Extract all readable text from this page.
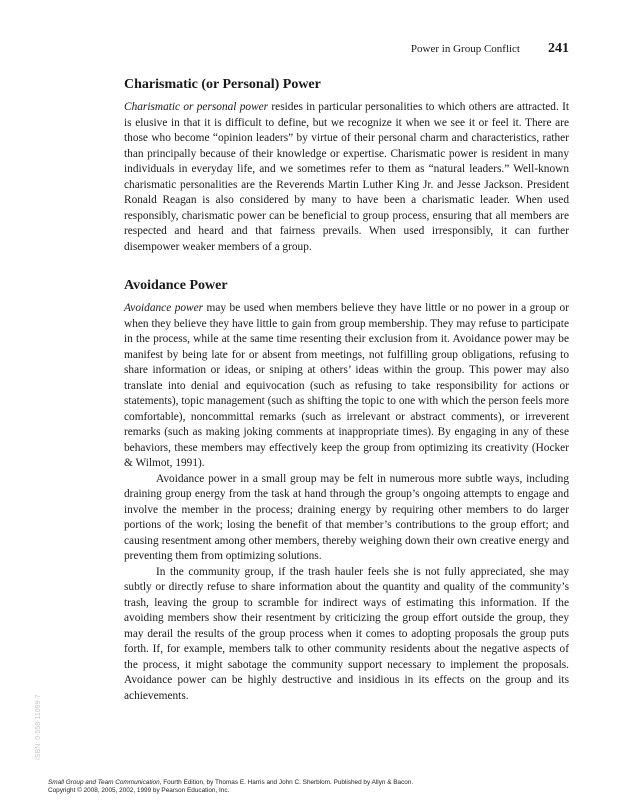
Power in Group Conflict 241
Charismatic (or Personal) Power

Charismatic or personal power resides in particular personalities to which others are attracted. It is elusive in that it is difficult to define, but we recognize it when we see it or feel it. There are those who become “opinion leaders” by virtue of their personal charm and characteristics, rather than principally because of their knowledge or expertise. Charismatic power is resident in many individuals in everyday life, and we sometimes refer to them as “natural leaders.” Well-known charismatic personalities are the Reverends Martin Luther King Jr. and Jesse Jackson. President Ronald Reagan is also considered by many to have been a charismatic leader. When used responsibly, charismatic power can be beneficial to group process, ensuring that all members are respected and heard and that fairness prevails. When used irresponsibly, it can further disempower weaker members of a group.

Avoidance Power

Avoidance power may be used when members believe they have little or no power in a group or when they believe they have little to gain from group membership. They may refuse to participate in the process, while at the same time resenting their exclusion from it. Avoidance power may be manifest by being late for or absent from meetings, not fulfilling group obligations, refusing to share information or ideas, or sniping at others’ ideas within the group. This power may also translate into denial and equivocation (such as refusing to take responsibility for actions or statements), topic management (such as shifting the topic to one with which the person feels more comfortable), noncommittal remarks (such as irrelevant or abstract comments), or irreverent remarks (such as making joking comments at inappropriate times). By engaging in any of these behaviors, these members may effectively keep the group from optimizing its creativity (Hocker & Wilmot, 1991).

Avoidance power in a small group may be felt in numerous more subtle ways, including draining group energy from the task at hand through the group’s ongoing attempts to engage and involve the member in the process; draining energy by requiring other members to do larger portions of the work; losing the benefit of that member’s contributions to the group effort; and causing resentment among other members, thereby weighing down their own creative energy and preventing them from optimizing solutions.

In the community group, if the trash hauler feels she is not fully appreciated, she may subtly or directly refuse to share information about the quantity and quality of the community’s trash, leaving the group to scramble for indirect ways of estimating this information. If the avoiding members show their resentment by criticizing the group effort outside the group, they may derail the results of the group process when it comes to adopting proposals the group puts forth. If, for example, members talk to other community residents about the negative aspects of the process, it might sabotage the community support necessary to implement the proposals. Avoidance power can be highly destructive and insidious in its effects on the group and its achievements.

ISBN: 0-558-11099-7
Small Group and Team Communication, Fourth Edition, by Thomas E. Harris and John C. Sherblom. Published by Allyn & Bacon.
Copyright © 2008, 2005, 2002, 1999 by Pearson Education, Inc.
